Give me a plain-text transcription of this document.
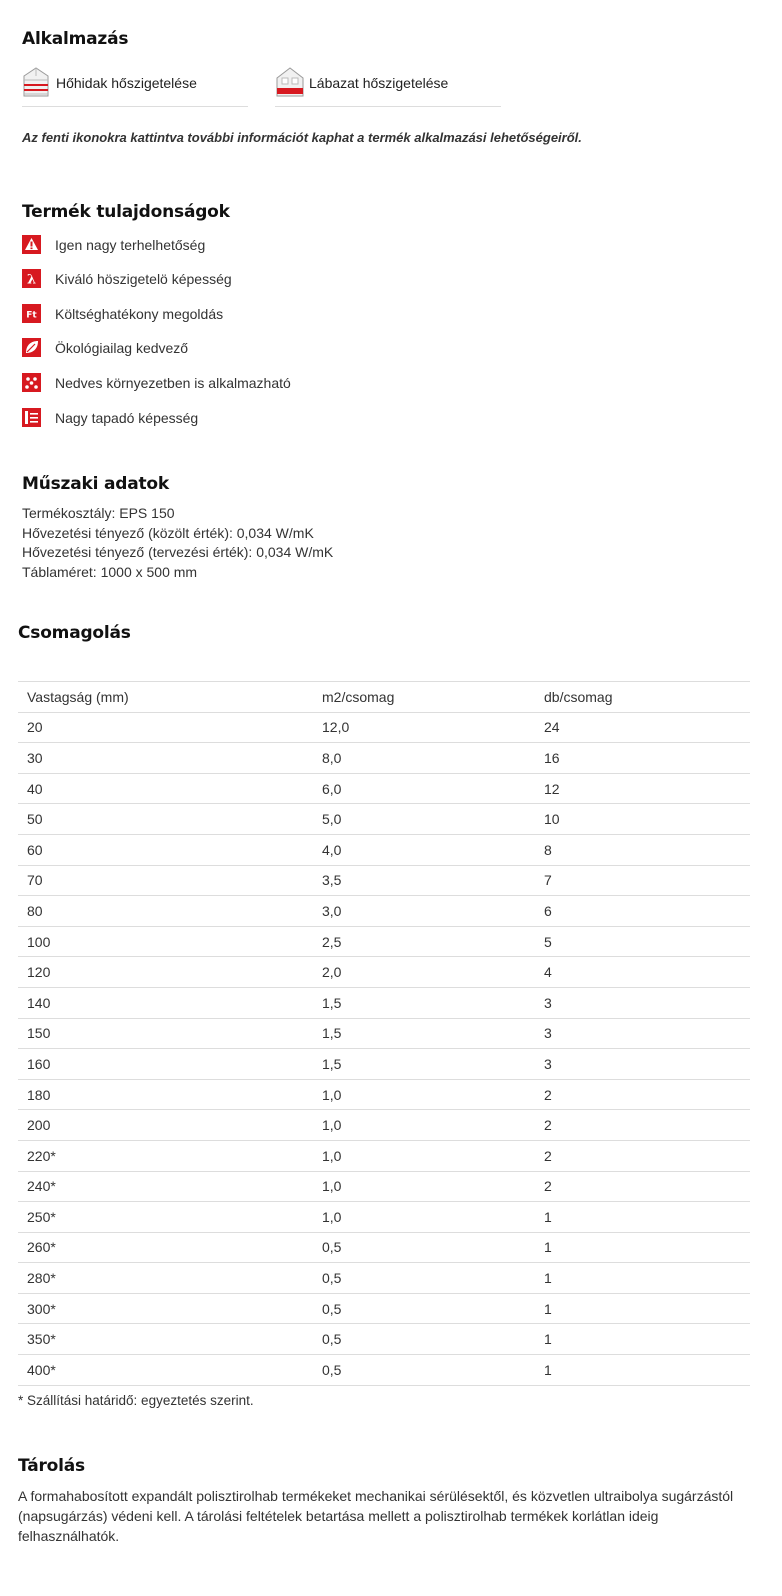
Alkalmazás
Hőhidak hőszigetelése	Lábazat hőszigetelése
Az fenti ikonokra kattintva további információt kaphat a termék alkalmazási lehetőségeiről.
Termék tulajdonságok
Igen nagy terhelhetőség
λ Kiváló höszigetelö képesség
Ft Költséghatékony megoldás
Ökológiailag kedvező
Nedves környezetben is alkalmazható
Nagy tapadó képesség
Műszaki adatok
Termékosztály: EPS 150
Hővezetési tényező (közölt érték): 0,034 W/mK
Hővezetési tényező (tervezési érték): 0,034 W/mK
Táblaméret: 1000 x 500 mm
Csomagolás
Vastagság (mm)	m2/csomag	db/csomag
20	12,0	24
30	8,0	16
40	6,0	12
50	5,0	10
60	4,0	8
70	3,5	7
80	3,0	6
100	2,5	5
120	2,0	4
140	1,5	3
150	1,5	3
160	1,5	3
180	1,0	2
200	1,0	2
220*	1,0	2
240*	1,0	2
250*	1,0	1
260*	0,5	1
280*	0,5	1
300*	0,5	1
350*	0,5	1
400*	0,5	1
* Szállítási határidő: egyeztetés szerint.
Tárolás
A formahabosított expandált polisztirolhab termékeket mechanikai sérülésektől, és közvetlen ultraibolya sugárzástól (napsugárzás) védeni kell. A tárolási feltételek betartása mellett a polisztirolhab termékek korlátlan ideig felhasználhatók.
